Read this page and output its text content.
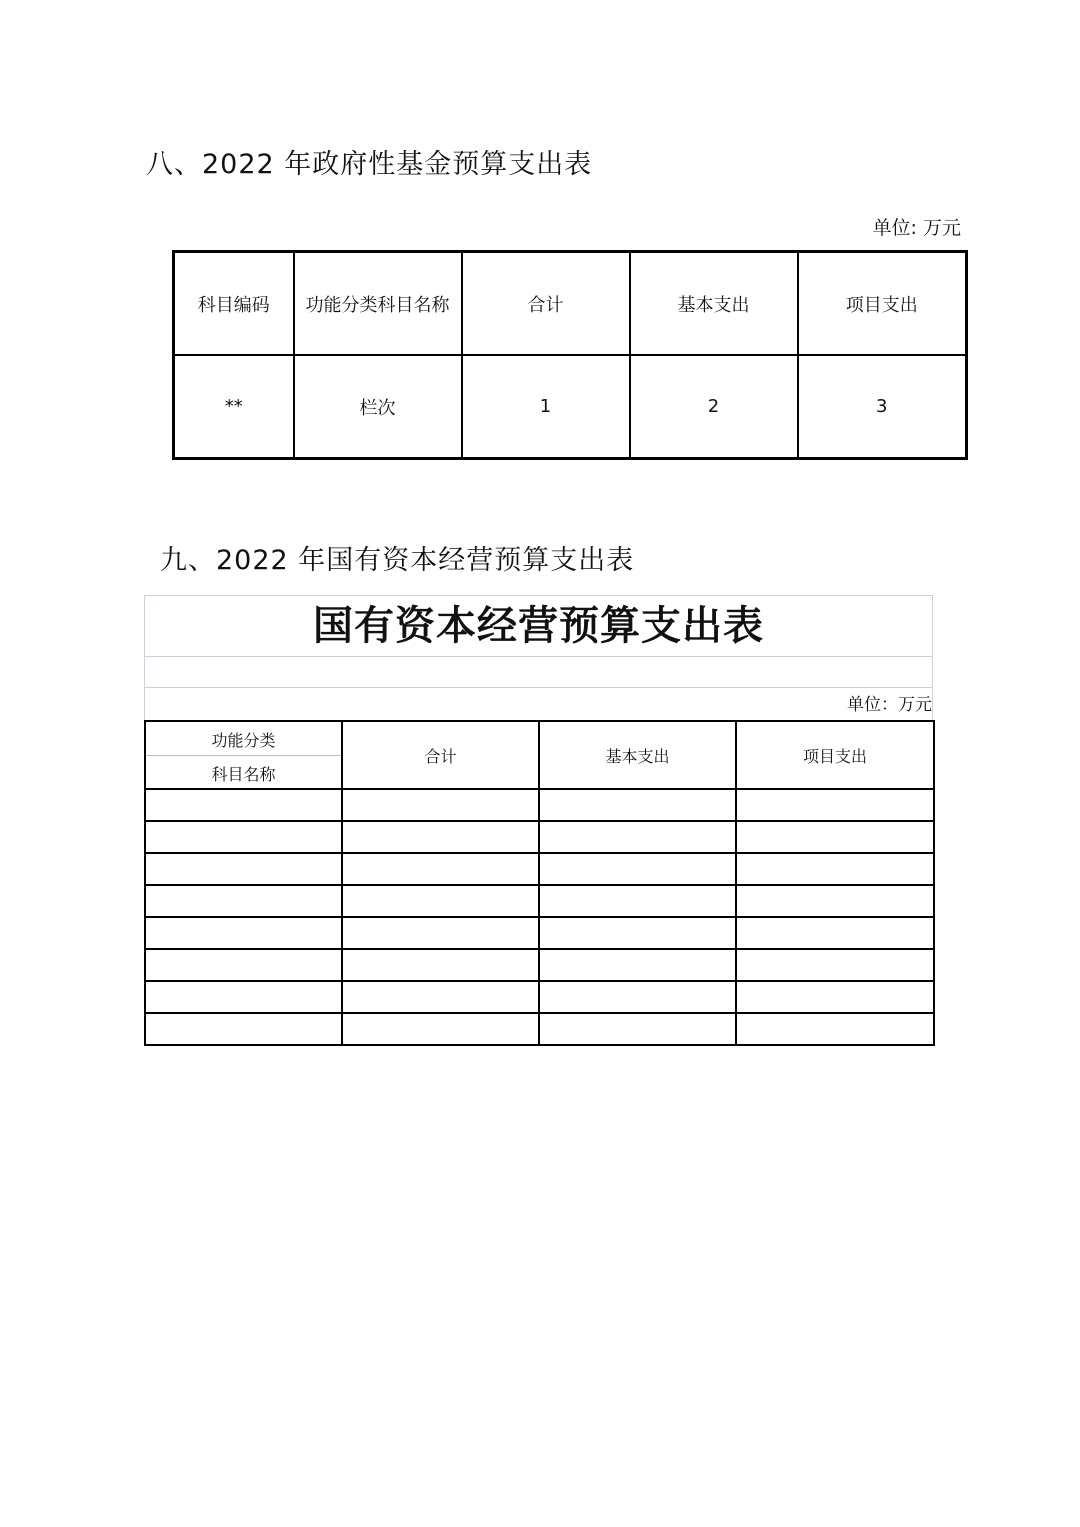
八、2022 年政府性基金预算支出表
单位: 万元
科目编码	功能分类科目名称	合计	基本支出	项目支出
**	栏次	1	2	3
九、2022 年国有资本经营预算支出表
国有资本经营预算支出表
单位：万元
功能分类
科目名称	合计	基本支出	项目支出
